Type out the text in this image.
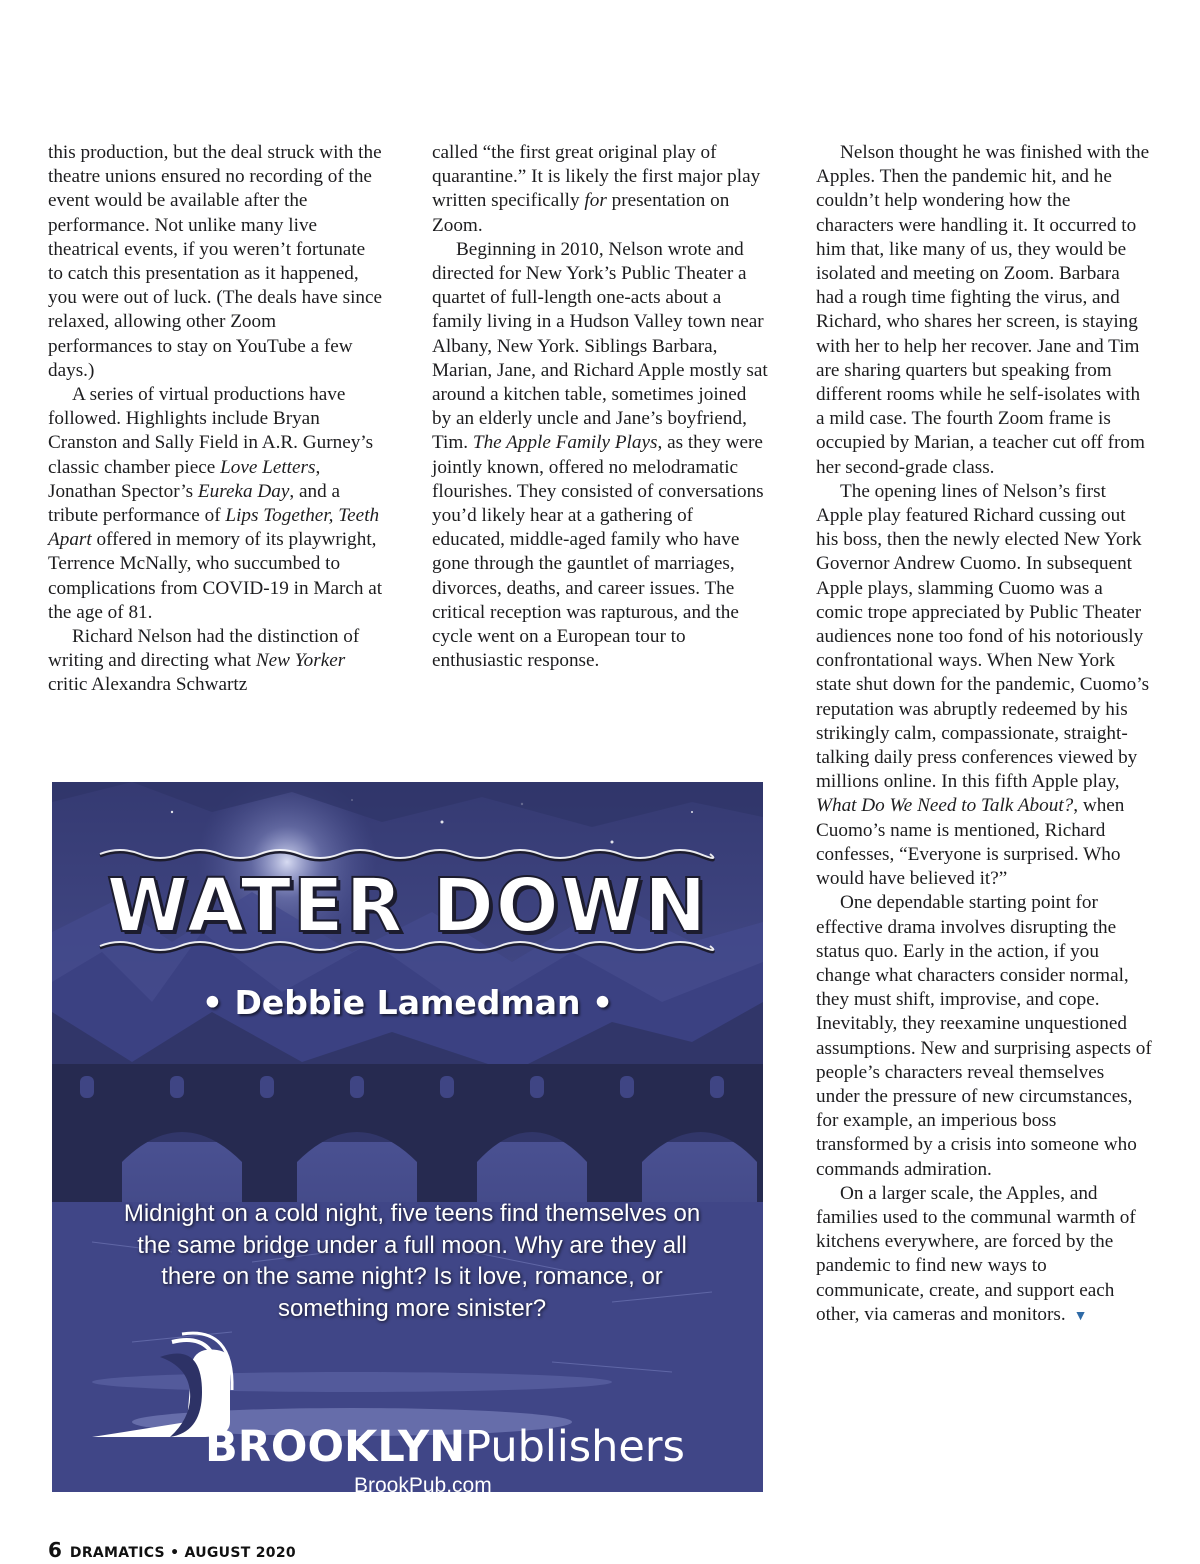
this production, but the deal struck with the theatre unions ensured no recording of the event would be available after the performance. Not unlike many live theatrical events, if you weren’t fortunate to catch this presentation as it happened, you were out of luck. (The deals have since relaxed, allowing other Zoom performances to stay on YouTube a few days.)

A series of virtual productions have followed. Highlights include Bryan Cranston and Sally Field in A.R. Gurney’s classic chamber piece Love Letters, Jonathan Spector’s Eureka Day, and a tribute performance of Lips Together, Teeth Apart offered in memory of its playwright, Terrence McNally, who succumbed to complications from COVID-19 in March at the age of 81.

Richard Nelson had the distinction of writing and directing what New Yorker critic Alexandra Schwartz

called “the first great original play of quarantine.” It is likely the first major play written specifically for presentation on Zoom.

Beginning in 2010, Nelson wrote and directed for New York’s Public Theater a quartet of full-length one-acts about a family living in a Hudson Valley town near Albany, New York. Siblings Barbara, Marian, Jane, and Richard Apple mostly sat around a kitchen table, sometimes joined by an elderly uncle and Jane’s boyfriend, Tim. The Apple Family Plays, as they were jointly known, offered no melodramatic flourishes. They consisted of conversations you’d likely hear at a gathering of educated, middle-aged family who have gone through the gauntlet of marriages, divorces, deaths, and career issues. The critical reception was rapturous, and the cycle went on a European tour to enthusiastic response.

Nelson thought he was finished with the Apples. Then the pandemic hit, and he couldn’t help wondering how the characters were handling it. It occurred to him that, like many of us, they would be isolated and meeting on Zoom. Barbara had a rough time fighting the virus, and Richard, who shares her screen, is staying with her to help her recover. Jane and Tim are sharing quarters but speaking from different rooms while he self-isolates with a mild case. The fourth Zoom frame is occupied by Marian, a teacher cut off from her second-grade class.

The opening lines of Nelson’s first Apple play featured Richard cussing out his boss, then the newly elected New York Governor Andrew Cuomo. In subsequent Apple plays, slamming Cuomo was a comic trope appreciated by Public Theater audiences none too fond of his notoriously confrontational ways. When New York state shut down for the pandemic, Cuomo’s reputation was abruptly redeemed by his strikingly calm, compassionate, straight-talking daily press conferences viewed by millions online. In this fifth Apple play, What Do We Need to Talk About?, when Cuomo’s name is mentioned, Richard confesses, “Everyone is surprised. Who would have believed it?”

One dependable starting point for effective drama involves disrupting the status quo. Early in the action, if you change what characters consider normal, they must shift, improvise, and cope. Inevitably, they reexamine unquestioned assumptions. New and surprising aspects of people’s characters reveal themselves under the pressure of new circumstances, for example, an imperious boss transformed by a crisis into someone who commands admiration.

On a larger scale, the Apples, and families used to the communal warmth of kitchens everywhere, are forced by the pandemic to find new ways to communicate, create, and support each other, via cameras and monitors. ▼

WATER DOWN
• Debbie Lamedman •
Midnight on a cold night, five teens find themselves on
the same bridge under a full moon. Why are they all
there on the same night? Is it love, romance, or
something more sinister?
BROOKLYNPublishers
BrookPub.com
6 DRAMATICS • AUGUST 2020
